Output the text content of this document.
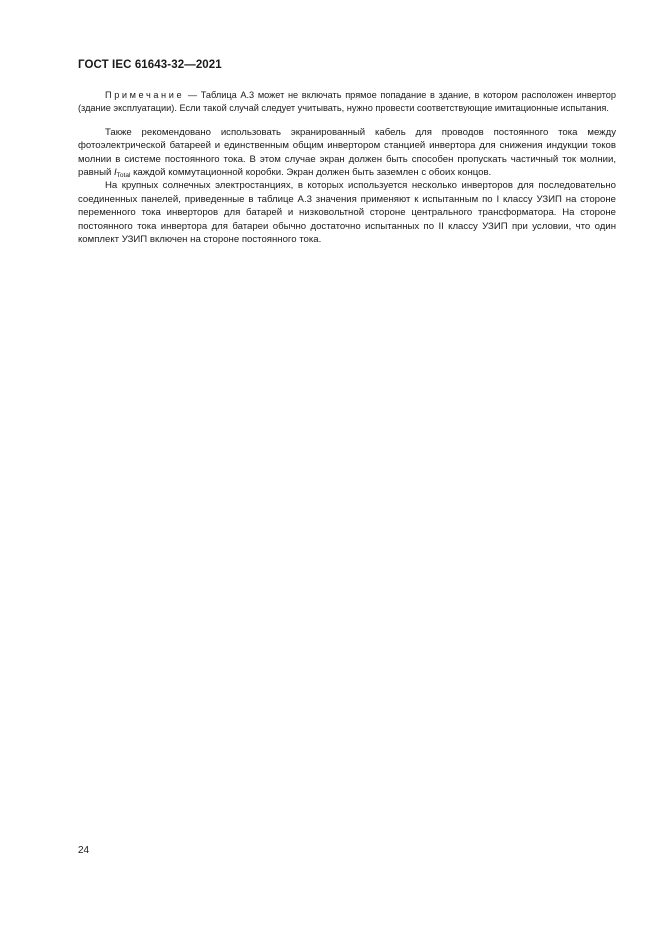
ГОСТ IEC 61643-32—2021

Примечание — Таблица А.3 может не включать прямое попадание в здание, в котором расположен инвертор (здание эксплуатации). Если такой случай следует учитывать, нужно провести соответствующие имитационные испытания.

Также рекомендовано использовать экранированный кабель для проводов постоянного тока между фотоэлектрической батареей и единственным общим инвертором станцией инвертора для снижения индукции токов молнии в системе постоянного тока. В этом случае экран должен быть способен пропускать частичный ток молнии, равный $I_{Total}$ каждой коммутационной коробки. Экран должен быть заземлен с обоих концов.

На крупных солнечных электростанциях, в которых используется несколько инверторов для последовательно соединенных панелей, приведенные в таблице А.3 значения применяют к испытанным по I классу УЗИП на стороне переменного тока инверторов для батарей и низковольтной стороне центрального трансформатора. На стороне постоянного тока инвертора для батареи обычно достаточно испытанных по II классу УЗИП при условии, что один комплект УЗИП включен на стороне постоянного тока.

24
